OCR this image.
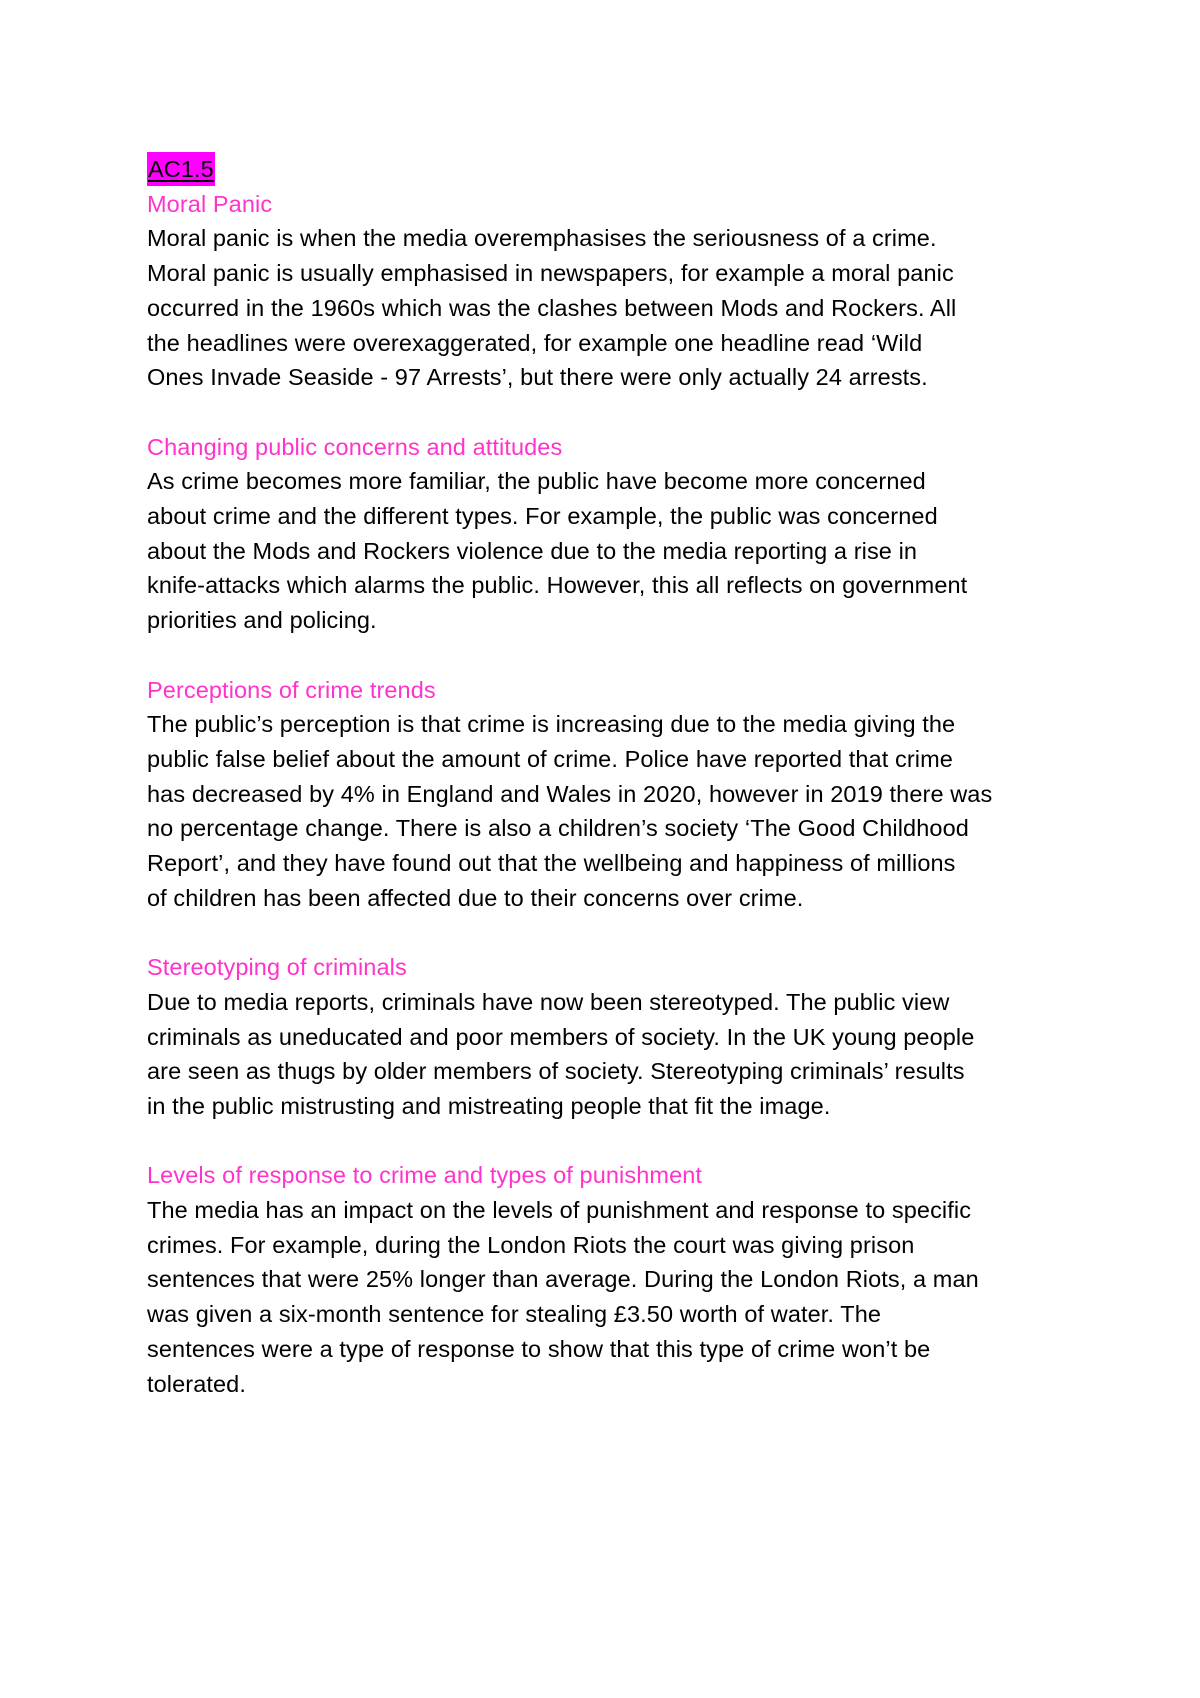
AC1.5
Moral Panic
Moral panic is when the media overemphasises the seriousness of a crime.
Moral panic is usually emphasised in newspapers, for example a moral panic
occurred in the 1960s which was the clashes between Mods and Rockers. All
the headlines were overexaggerated, for example one headline read ‘Wild
Ones Invade Seaside - 97 Arrests’, but there were only actually 24 arrests.
Changing public concerns and attitudes
As crime becomes more familiar, the public have become more concerned
about crime and the different types. For example, the public was concerned
about the Mods and Rockers violence due to the media reporting a rise in
knife-attacks which alarms the public. However, this all reflects on government
priorities and policing.
Perceptions of crime trends
The public’s perception is that crime is increasing due to the media giving the
public false belief about the amount of crime. Police have reported that crime
has decreased by 4% in England and Wales in 2020, however in 2019 there was
no percentage change. There is also a children’s society ‘The Good Childhood
Report’, and they have found out that the wellbeing and happiness of millions
of children has been affected due to their concerns over crime.
Stereotyping of criminals
Due to media reports, criminals have now been stereotyped. The public view
criminals as uneducated and poor members of society. In the UK young people
are seen as thugs by older members of society. Stereotyping criminals’ results
in the public mistrusting and mistreating people that fit the image.
Levels of response to crime and types of punishment
The media has an impact on the levels of punishment and response to specific
crimes. For example, during the London Riots the court was giving prison
sentences that were 25% longer than average. During the London Riots, a man
was given a six-month sentence for stealing £3.50 worth of water. The
sentences were a type of response to show that this type of crime won’t be
tolerated.
